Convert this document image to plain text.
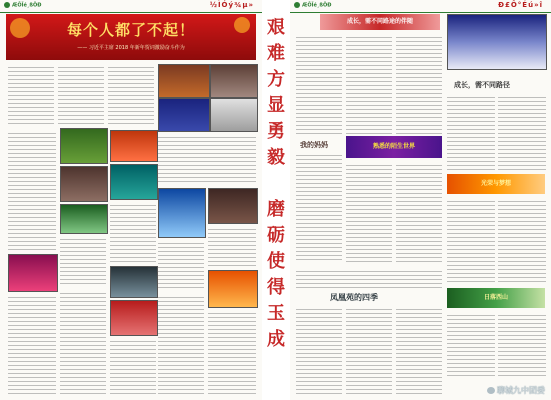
ÆÕÏé¸ßÖÐ	½ÌÓý¾µ»
每个人都了不起！
—— 习近平主席 2018 年新年贺词激励奋斗作为
艰
难
方
显
勇
毅
磨
砺
使
得
玉
成
ÆÕÏé¸ßÖÐ	Ð£Ô°Éú»î
成长，需不同路途的伴随
成长，需不同路径
我的妈妈	熟悉的陌生世界
光荣与梦想
凤凰苑的四季	日落西山
聊城九中团委
